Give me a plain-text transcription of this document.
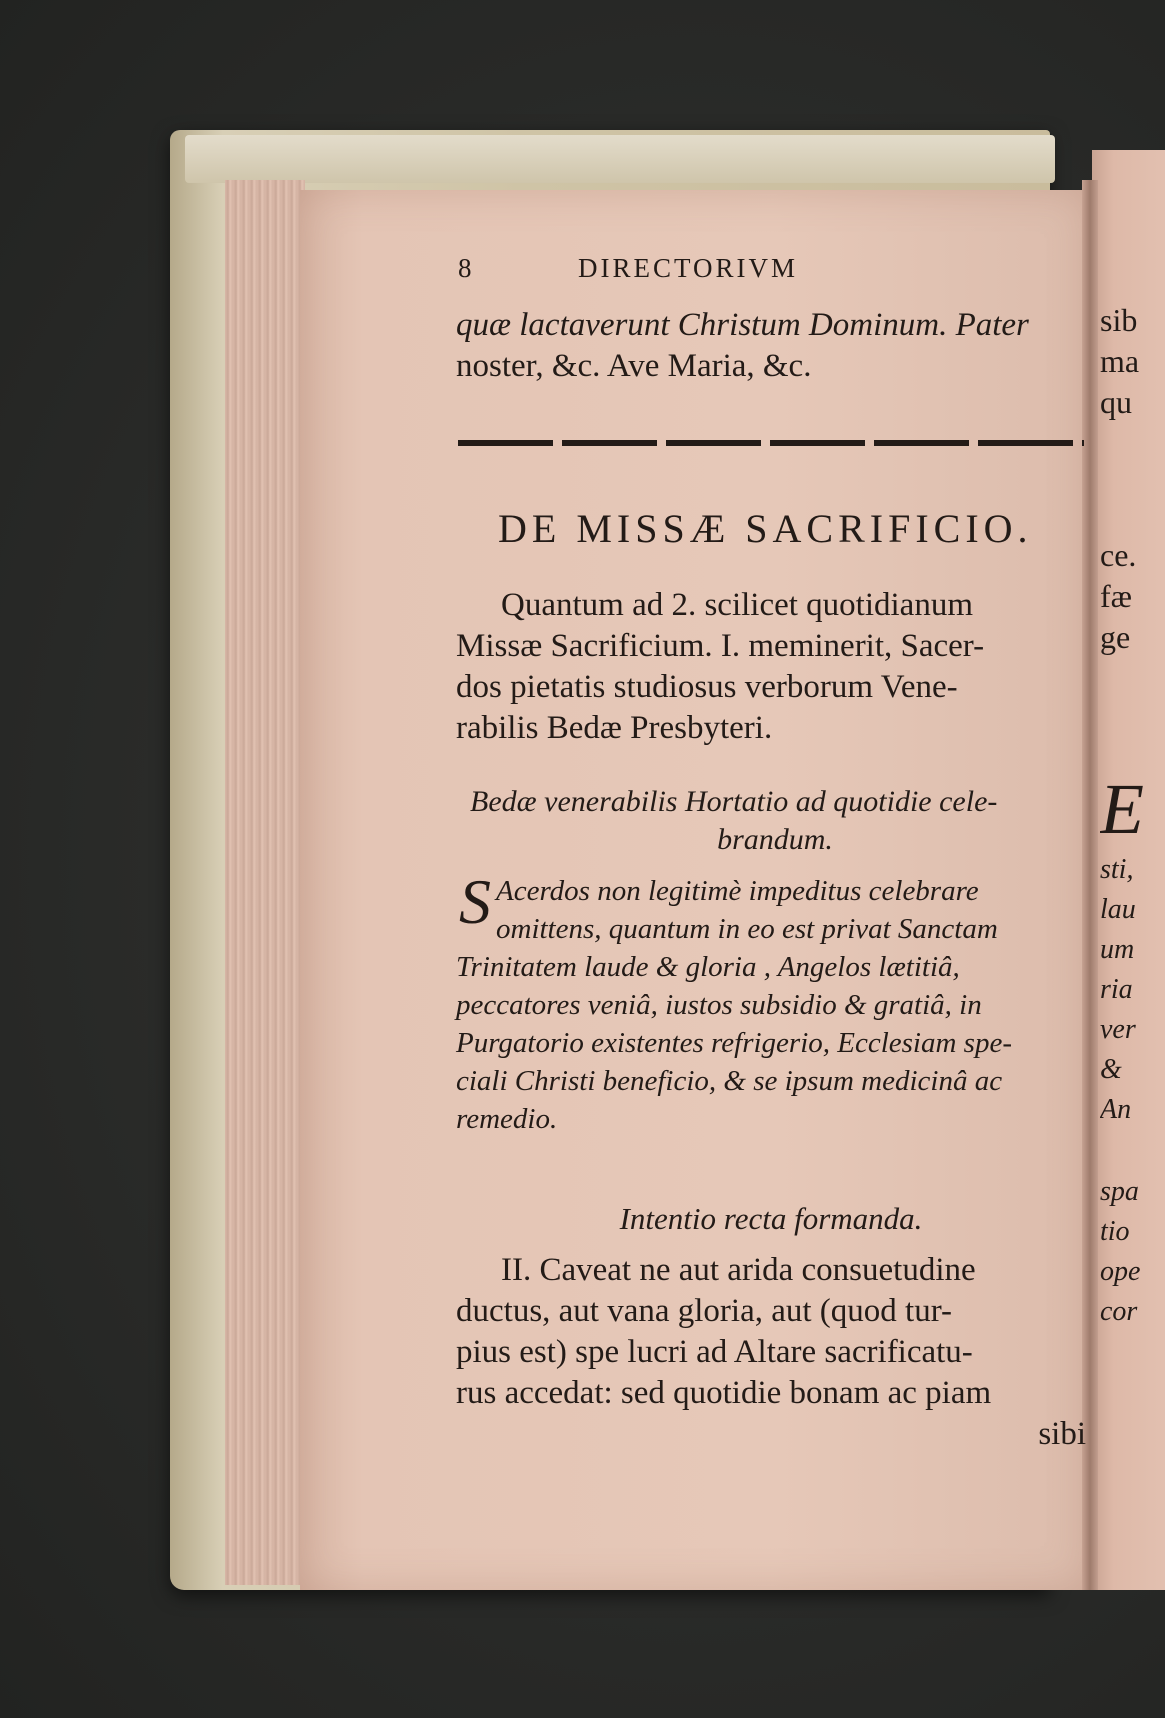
8	DIRECTORIVM
quæ lactaverunt Christum Dominum. Pater
noster, &c. Ave Maria, &c.
DE MISSÆ SACRIFICIO.
Quantum ad 2. scilicet quotidianum
Missæ Sacrificium. I. meminerit, Sacer-
dos pietatis studiosus verborum Vene-
rabilis Bedæ Presbyteri.
Bedæ venerabilis Hortatio ad quotidie cele-
brandum.
S Acerdos non legitimè impeditus celebrare
omittens, quantum in eo est privat Sanctam
Trinitatem laude & gloria , Angelos lætitiâ,
peccatores veniâ, iustos subsidio & gratiâ, in
Purgatorio existentes refrigerio, Ecclesiam spe-
ciali Christi beneficio, & se ipsum medicinâ ac
remedio.
Intentio recta formanda.
II. Caveat ne aut arida consuetudine
ductus, aut vana gloria, aut (quod tur-
pius est) spe lucri ad Altare sacrificatu-
rus accedat: sed quotidie bonam ac piam
sibi
sib
ma
qu
ce.
fæ
ge
E
sti,
lau
um
ria
ver
&
An
spa
tio
ope
cor
